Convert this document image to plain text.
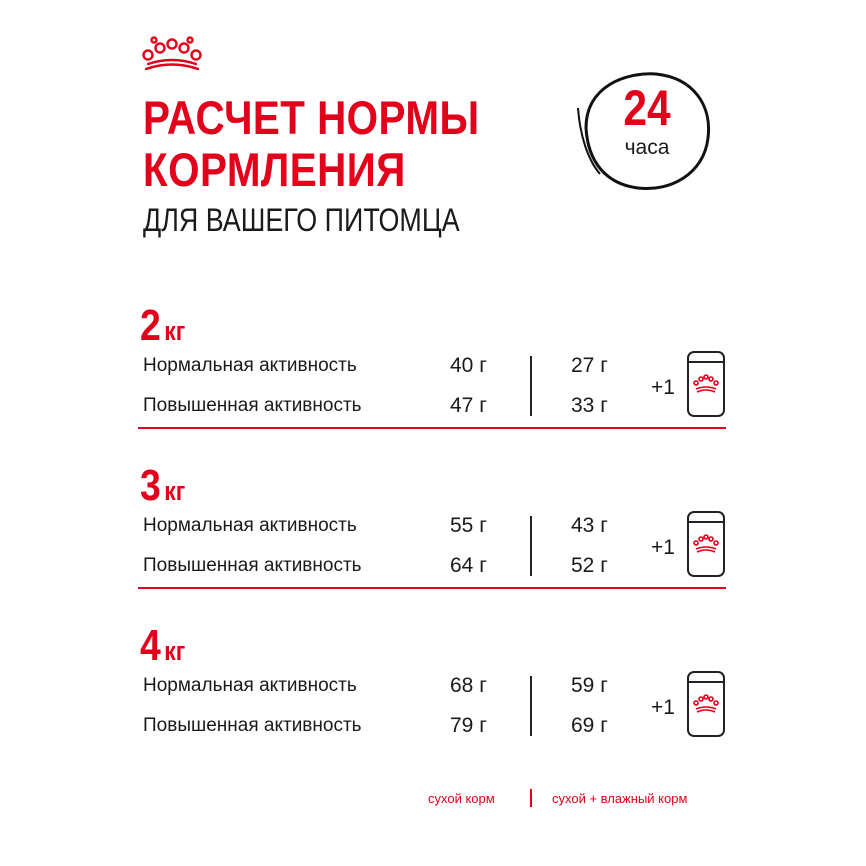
РАСЧЕТ НОРМЫ
КОРМЛЕНИЯ
ДЛЯ ВАШЕГО ПИТОМЦА
24
часа
2 кг
Нормальная активность	40 г	27 г
Повышенная активность	47 г	33 г
+1
3 кг
Нормальная активность	55 г	43 г
Повышенная активность	64 г	52 г
+1
4 кг
Нормальная активность	68 г	59 г
Повышенная активность	79 г	69 г
+1
сухой корм	сухой + влажный корм
